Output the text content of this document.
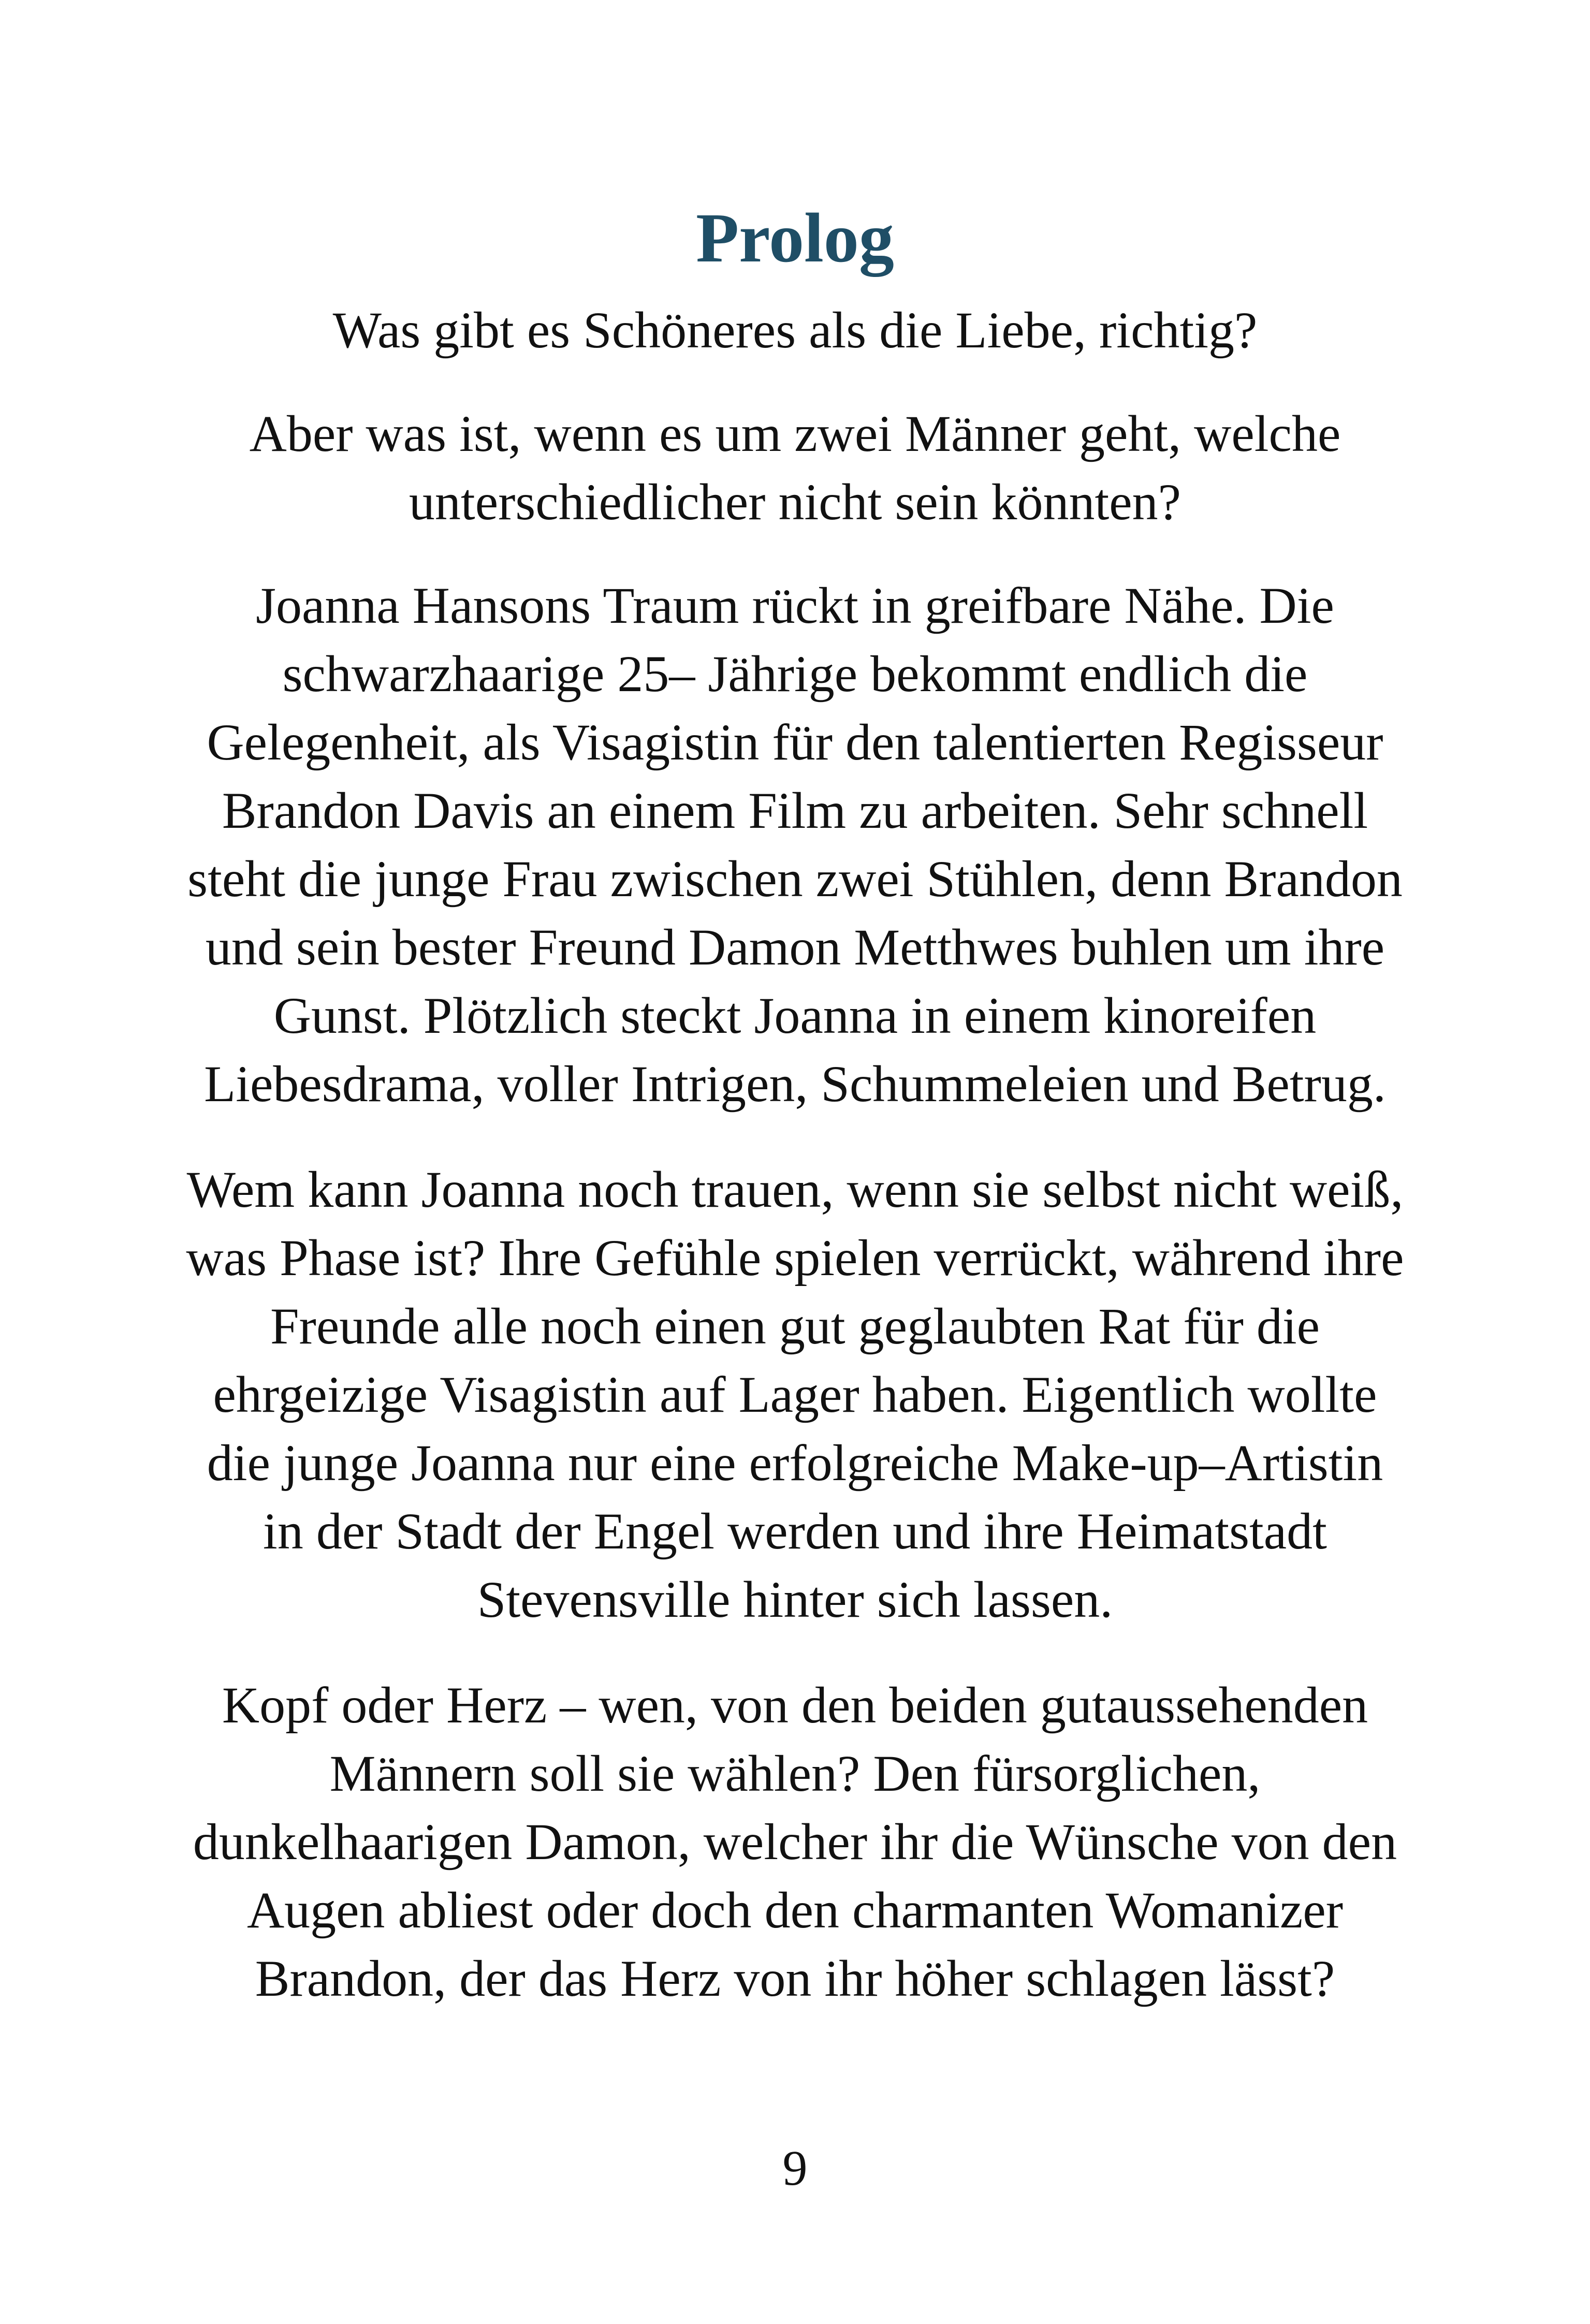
Prolog

Was gibt es Schöneres als die Liebe, richtig?

Aber was ist, wenn es um zwei Männer geht, welche
unterschiedlicher nicht sein könnten?

Joanna Hansons Traum rückt in greifbare Nähe. Die
schwarzhaarige 25– Jährige bekommt endlich die
Gelegenheit, als Visagistin für den talentierten Regisseur
Brandon Davis an einem Film zu arbeiten. Sehr schnell
steht die junge Frau zwischen zwei Stühlen, denn Brandon
und sein bester Freund Damon Metthwes buhlen um ihre
Gunst. Plötzlich steckt Joanna in einem kinoreifen
Liebesdrama, voller Intrigen, Schummeleien und Betrug.

Wem kann Joanna noch trauen, wenn sie selbst nicht weiß,
was Phase ist? Ihre Gefühle spielen verrückt, während ihre
Freunde alle noch einen gut geglaubten Rat für die
ehrgeizige Visagistin auf Lager haben. Eigentlich wollte
die junge Joanna nur eine erfolgreiche Make-up–Artistin
in der Stadt der Engel werden und ihre Heimatstadt
Stevensville hinter sich lassen.

Kopf oder Herz – wen, von den beiden gutaussehenden
Männern soll sie wählen? Den fürsorglichen,
dunkelhaarigen Damon, welcher ihr die Wünsche von den
Augen abliest oder doch den charmanten Womanizer
Brandon, der das Herz von ihr höher schlagen lässt?

9
